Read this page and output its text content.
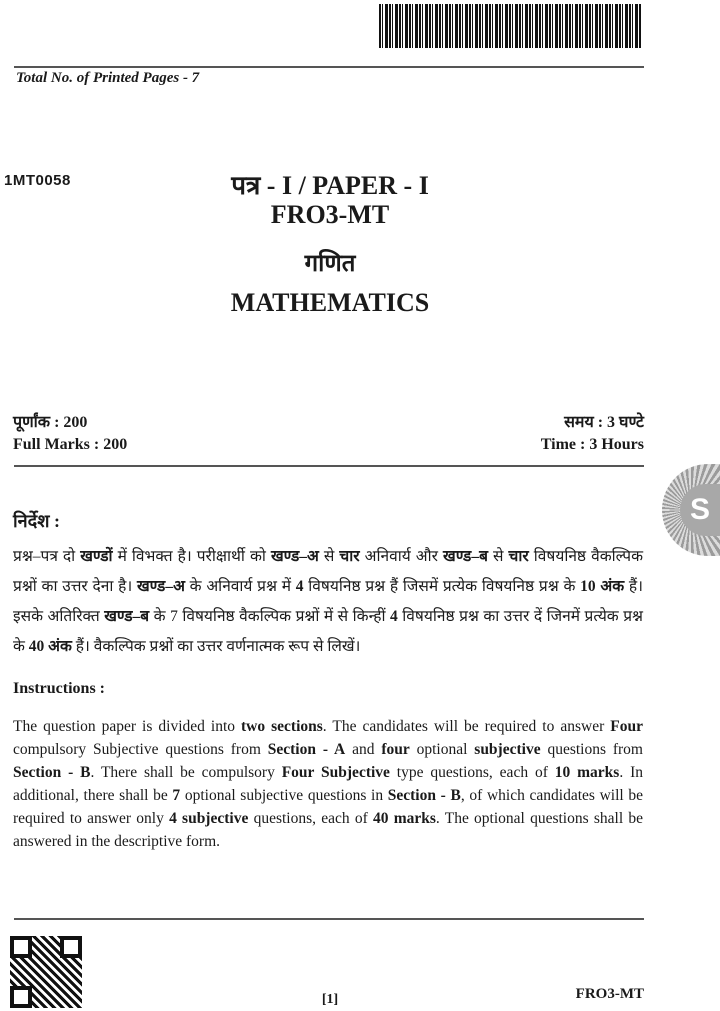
Total No. of Printed Pages - 7
1MT0058	पत्र - I / PAPER - I
FRO3-MT
गणित
MATHEMATICS
पूर्णांक : 200
Full Marks : 200
समय : 3 घण्टे
Time : 3 Hours
निर्देश :
प्रश्न–पत्र दो खण्डों में विभक्त है। परीक्षार्थी को खण्ड–अ से चार अनिवार्य और खण्ड–ब से चार विषयनिष्ठ वैकल्पिक प्रश्नों का उत्तर देना है। खण्ड–अ के अनिवार्य प्रश्न में 4 विषयनिष्ठ प्रश्न हैं जिसमें प्रत्येक विषयनिष्ठ प्रश्न के 10 अंक हैं। इसके अतिरिक्त खण्ड–ब के 7 विषयनिष्ठ वैकल्पिक प्रश्नों में से किन्हीं 4 विषयनिष्ठ प्रश्न का उत्तर दें जिनमें प्रत्येक प्रश्न के 40 अंक हैं। वैकल्पिक प्रश्नों का उत्तर वर्णनात्मक रूप से लिखें।
Instructions :
The question paper is divided into two sections. The candidates will be required to answer Four compulsory Subjective questions from Section - A and four optional subjective questions from Section - B. There shall be compulsory Four Subjective type questions, each of 10 marks. In additional, there shall be 7 optional subjective questions in Section - B, of which candidates will be required to answer only 4 subjective questions, each of 40 marks. The optional questions shall be answered in the descriptive form.
[1]	FRO3-MT
S
